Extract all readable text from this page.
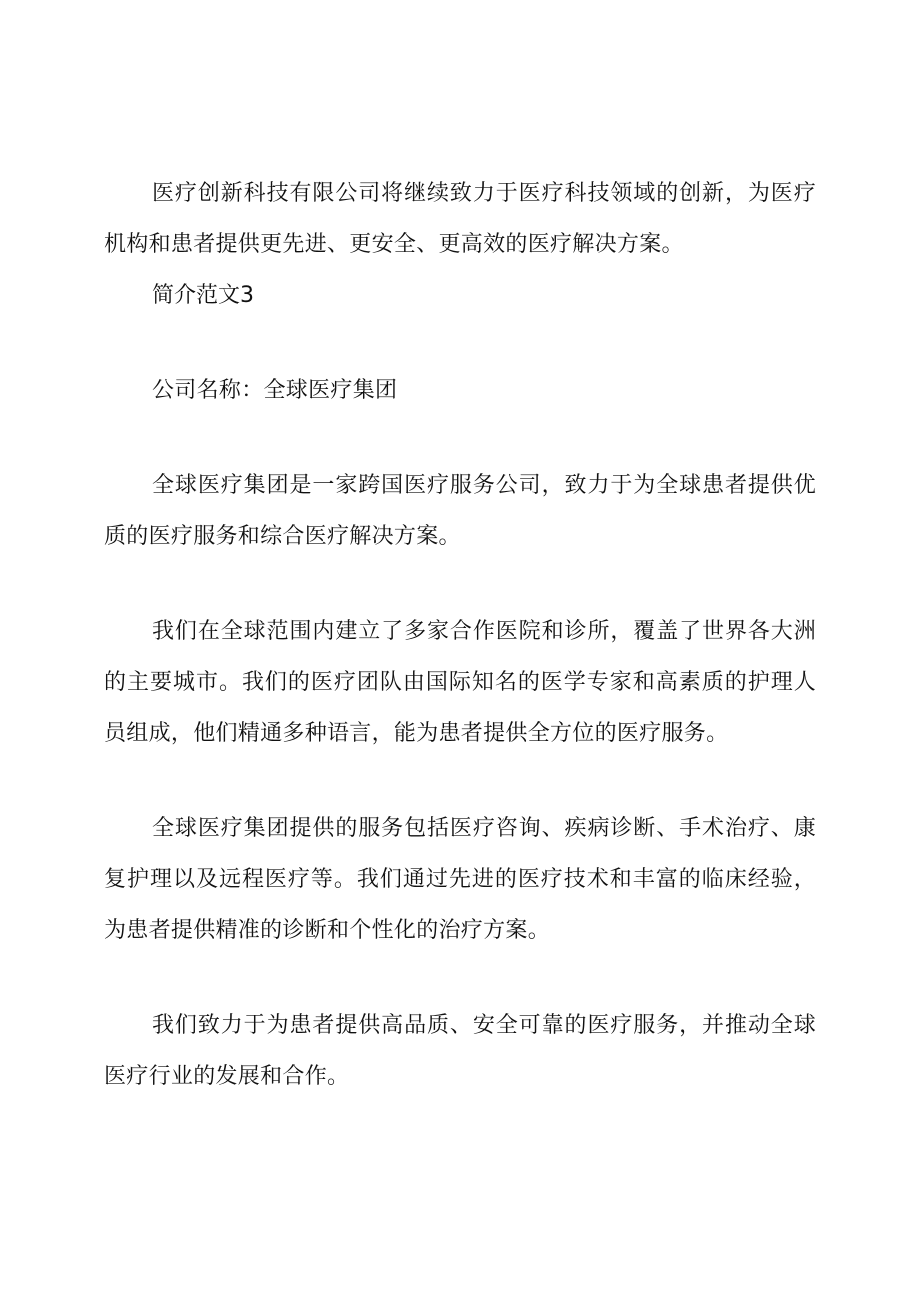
医疗创新科技有限公司将继续致力于医疗科技领域的创新，为医疗机构和患者提供更先进、更安全、更高效的医疗解决方案。

简介范文3

公司名称：全球医疗集团

全球医疗集团是一家跨国医疗服务公司，致力于为全球患者提供优质的医疗服务和综合医疗解决方案。

我们在全球范围内建立了多家合作医院和诊所，覆盖了世界各大洲的主要城市。我们的医疗团队由国际知名的医学专家和高素质的护理人员组成，他们精通多种语言，能为患者提供全方位的医疗服务。

全球医疗集团提供的服务包括医疗咨询、疾病诊断、手术治疗、康复护理以及远程医疗等。我们通过先进的医疗技术和丰富的临床经验，为患者提供精准的诊断和个性化的治疗方案。

我们致力于为患者提供高品质、安全可靠的医疗服务，并推动全球医疗行业的发展和合作。
